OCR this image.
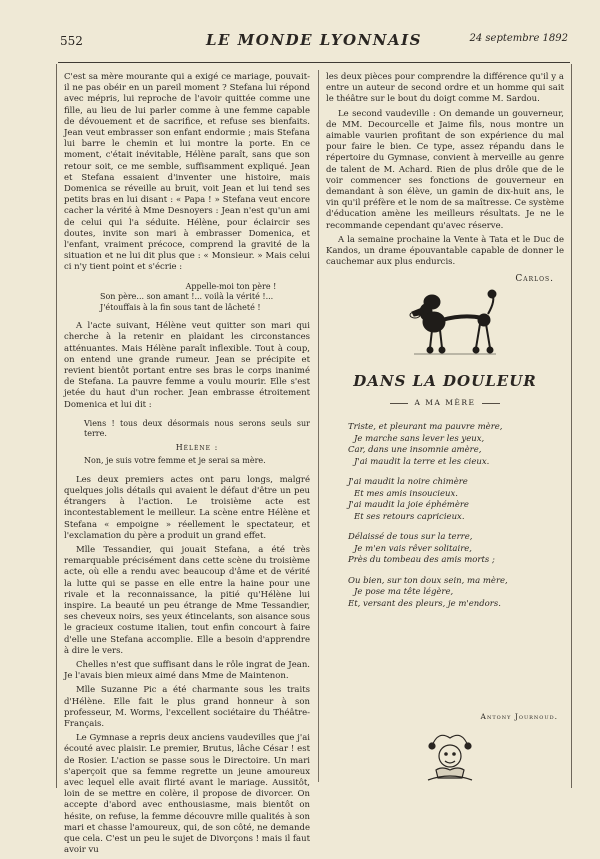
552	LE MONDE LYONNAIS	24 septembre 1892

C'est sa mère mourante qui a exigé ce mariage, pouvait-il ne pas obéir en un pareil moment ? Stefana lui répond avec mépris, lui reproche de l'avoir quittée comme une fille, au lieu de lui parler comme à une femme capable de dévouement et de sacrifice, et refuse ses bienfaits. Jean veut embrasser son enfant endormie ; mais Stefana lui barre le chemin et lui montre la porte. En ce moment, c'était inévitable, Hélène paraît, sans que son retour soit, ce me semble, suffisamment expliqué. Jean et Stefana essaient d'inventer une histoire, mais Domenica se réveille au bruit, voit Jean et lui tend ses petits bras en lui disant : « Papa ! » Stefana veut encore cacher la vérité à Mme Desnoyers : Jean n'est qu'un ami de celui qui l'a séduite. Hélène, pour éclaircir ses doutes, invite son mari à embrasser Domenica, et l'enfant, vraiment précoce, comprend la gravité de la situation et ne lui dit plus que : « Monsieur. » Mais celui ci n'y tient point et s'écrie :

Appelle-moi ton père !
Son père... son amant !... voilà la vérité !...
J'étouffais à la fin sous tant de lâcheté !

A l'acte suivant, Hélène veut quitter son mari qui cherche à la retenir en plaidant les circonstances atténuantes. Mais Hélène paraît inflexible. Tout à coup, on entend une grande rumeur. Jean se précipite et revient bientôt portant entre ses bras le corps inanimé de Stefana. La pauvre femme a voulu mourir. Elle s'est jetée du haut d'un rocher. Jean embrasse étroitement Domenica et lui dit :

Viens ! tous deux désormais nous serons seuls sur terre.
Hélène :
Non, je suis votre femme et je serai sa mère.

Les deux premiers actes ont paru longs, malgré quelques jolis détails qui avaient le défaut d'être un peu étrangers à l'action. Le troisième acte est incontestablement le meilleur. La scène entre Hélène et Stefana « empoigne » réellement le spectateur, et l'exclamation du père a produit un grand effet.

Mlle Tessandier, qui jouait Stefana, a été très remarquable précisément dans cette scène du troisième acte, où elle a rendu avec beaucoup d'âme et de vérité la lutte qui se passe en elle entre la haine pour une rivale et la reconnaissance, la pitié qu'Hélène lui inspire. La beauté un peu étrange de Mme Tessandier, ses cheveux noirs, ses yeux étincelants, son aisance sous le gracieux costume italien, tout enfin concourt à faire d'elle une Stefana accomplie. Elle a besoin d'apprendre à dire le vers.

Chelles n'est que suffisant dans le rôle ingrat de Jean. Je l'avais bien mieux aimé dans Mme de Maintenon.

Mlle Suzanne Pic a été charmante sous les traits d'Hélène. Elle fait le plus grand honneur à son professeur, M. Worms, l'excellent sociétaire du Théâtre-Français.

Le Gymnase a repris deux anciens vaudevilles que j'ai écouté avec plaisir. Le premier, Brutus, lâche César ! est de Rosier. L'action se passe sous le Directoire. Un mari s'aperçoit que sa femme regrette un jeune amoureux avec lequel elle avait flirté avant le mariage. Aussitôt, loin de se mettre en colère, il propose de divorcer. On accepte d'abord avec enthousiasme, mais bientôt on hésite, on refuse, la femme découvre mille qualités à son mari et chasse l'amoureux, qui, de son côté, ne demande que cela. C'est un peu le sujet de Divorçons ! mais il faut avoir vu

les deux pièces pour comprendre la différence qu'il y a entre un auteur de second ordre et un homme qui sait le théâtre sur le bout du doigt comme M. Sardou.

Le second vaudeville : On demande un gouverneur, de MM. Decourcelle et Jaime fils, nous montre un aimable vaurien profitant de son expérience du mal pour faire le bien. Ce type, assez répandu dans le répertoire du Gymnase, convient à merveille au genre de talent de M. Achard. Rien de plus drôle que de le voir commencer ses fonctions de gouverneur en demandant à son élève, un gamin de dix-huit ans, le vin qu'il préfère et le nom de sa maîtresse. Ce système d'éducation amène les meilleurs résultats. Je ne le recommande cependant qu'avec réserve.

A la semaine prochaine la Vente à Tata et le Duc de Kandos, un drame épouvantable capable de donner le cauchemar aux plus endurcis.

Carlos.
DANS LA DOULEUR
A MA MÈRE
Triste, et pleurant ma pauvre mère,
Je marche sans lever les yeux,
Car, dans une insomnie amère,
J'ai maudit la terre et les cieux.
J'ai maudit la noire chimère
Et mes amis insoucieux.
J'ai maudit la joie éphémère
Et ses retours capricieux.
Délaissé de tous sur la terre,
Je m'en vais rêver solitaire,
Près du tombeau des amis morts ;
Ou bien, sur ton doux sein, ma mère,
Je pose ma tête légère,
Et, versant des pleurs, je m'endors.
Antony Journoud.
